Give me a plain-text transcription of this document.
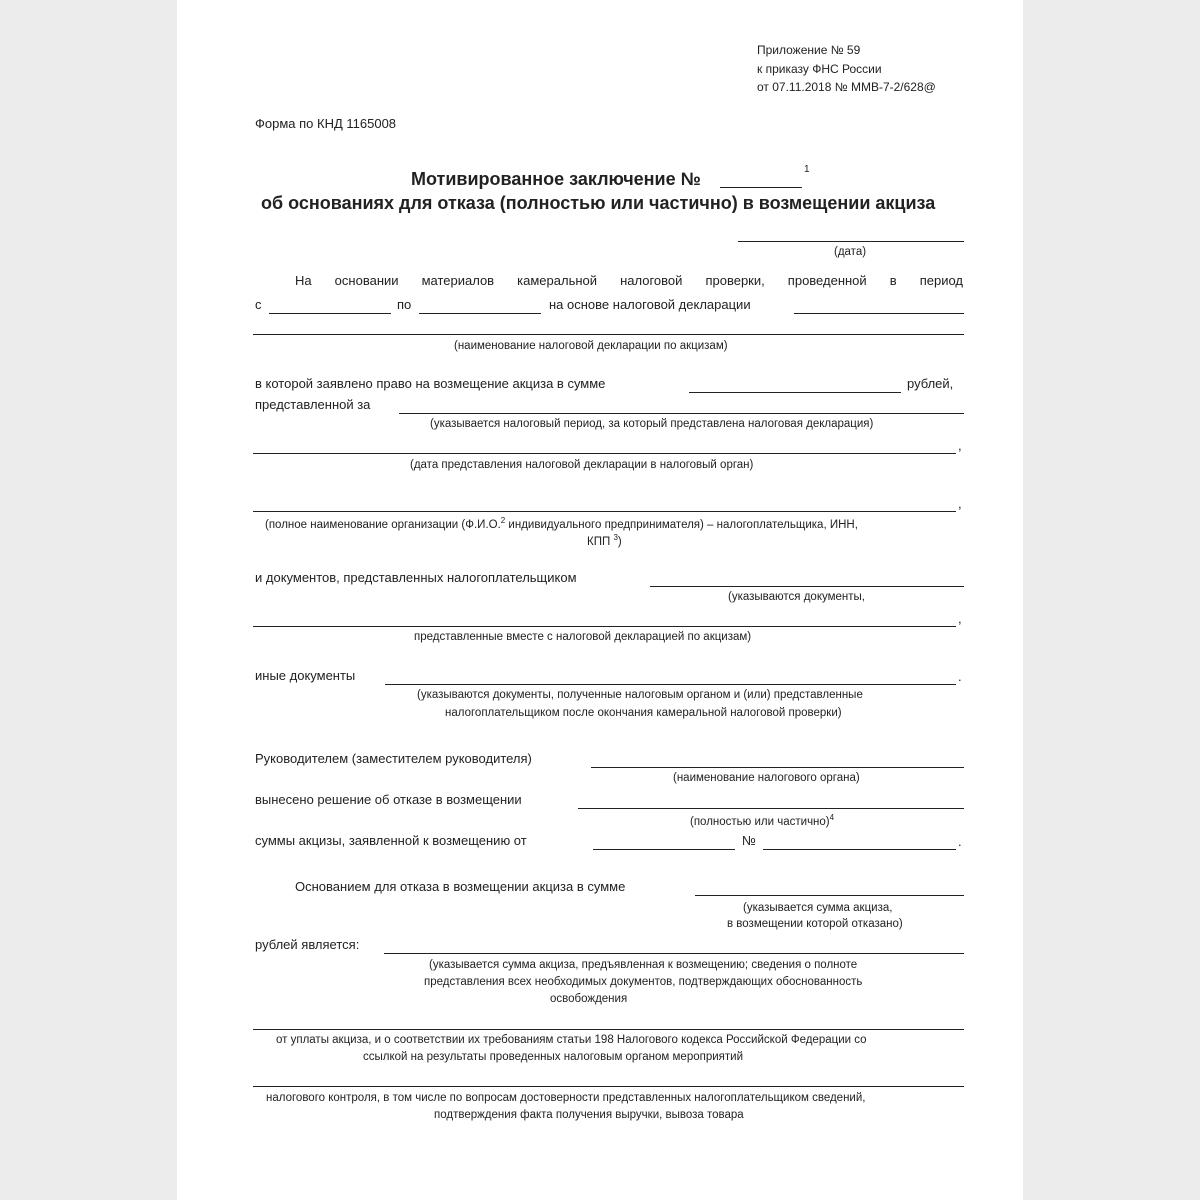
Приложение № 59
к приказу ФНС России
от 07.11.2018 № ММВ-7-2/628@
Форма по КНД 1165008
Мотивированное заключение №	1
об основаниях для отказа (полностью или частично) в возмещении акциза
(дата)
На основании материалов камеральной налоговой проверки, проведенной в период
с	по	на основе налоговой декларации
(наименование налоговой декларации по акцизам)
в которой заявлено право на возмещение акциза в сумме	рублей,
представленной за
(указывается налоговый период, за который представлена налоговая декларация)
,
(дата представления налоговой декларации в налоговый орган)
,
(полное наименование организации (Ф.И.О.$^2$ индивидуального предпринимателя) – налогоплательщика, ИНН,
КПП $^3$)
и документов, представленных налогоплательщиком
(указываются документы,
,
представленные вместе с налоговой декларацией по акцизам)
иные документы	.
(указываются документы, полученные налоговым органом и (или) представленные
налогоплательщиком после окончания камеральной налоговой проверки)
Руководителем (заместителем руководителя)
(наименование налогового органа)
вынесено решение об отказе в возмещении
(полностью или частично)$^4$
суммы акцизы, заявленной к возмещению от	№	.
Основанием для отказа в возмещении акциза в сумме
(указывается сумма акциза,
в возмещении которой отказано)
рублей является:
(указывается сумма акциза, предъявленная к возмещению; сведения о полноте
представления всех необходимых документов, подтверждающих обоснованность
освобождения
от уплаты акциза, и о соответствии их требованиям статьи 198 Налогового кодекса Российской Федерации со
ссылкой на результаты проведенных налоговым органом мероприятий
налогового контроля, в том числе по вопросам достоверности представленных налогоплательщиком сведений,
подтверждения факта получения выручки, вывоза товара
